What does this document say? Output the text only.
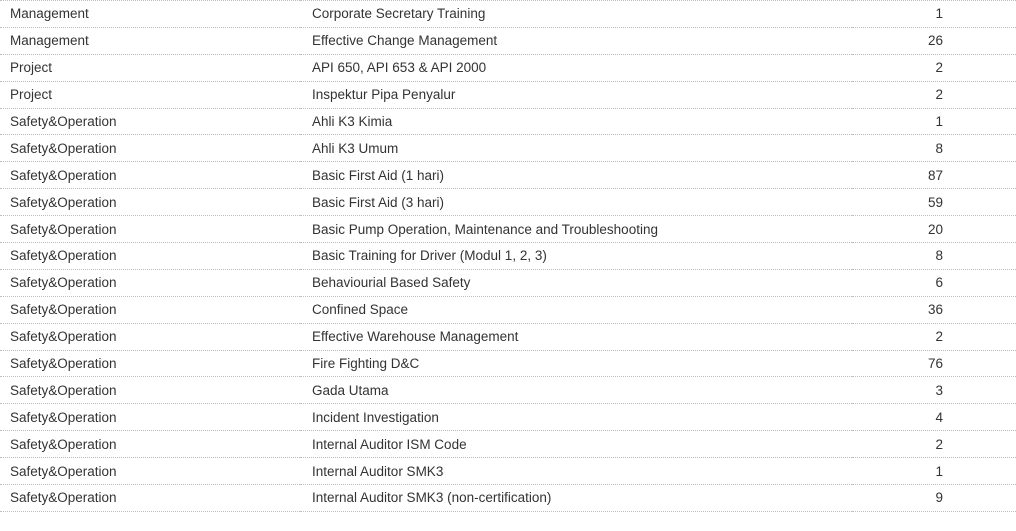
Management	Corporate Secretary Training	1
Management	Effective Change Management	26
Project	API 650, API 653 & API 2000	2
Project	Inspektur Pipa Penyalur	2
Safety&Operation	Ahli K3 Kimia	1
Safety&Operation	Ahli K3 Umum	8
Safety&Operation	Basic First Aid (1 hari)	87
Safety&Operation	Basic First Aid (3 hari)	59
Safety&Operation	Basic Pump Operation, Maintenance and Troubleshooting	20
Safety&Operation	Basic Training for Driver (Modul 1, 2, 3)	8
Safety&Operation	Behaviourial Based Safety	6
Safety&Operation	Confined Space	36
Safety&Operation	Effective Warehouse Management	2
Safety&Operation	Fire Fighting D&C	76
Safety&Operation	Gada Utama	3
Safety&Operation	Incident Investigation	4
Safety&Operation	Internal Auditor ISM Code	2
Safety&Operation	Internal Auditor SMK3	1
Safety&Operation	Internal Auditor SMK3 (non-certification)	9
